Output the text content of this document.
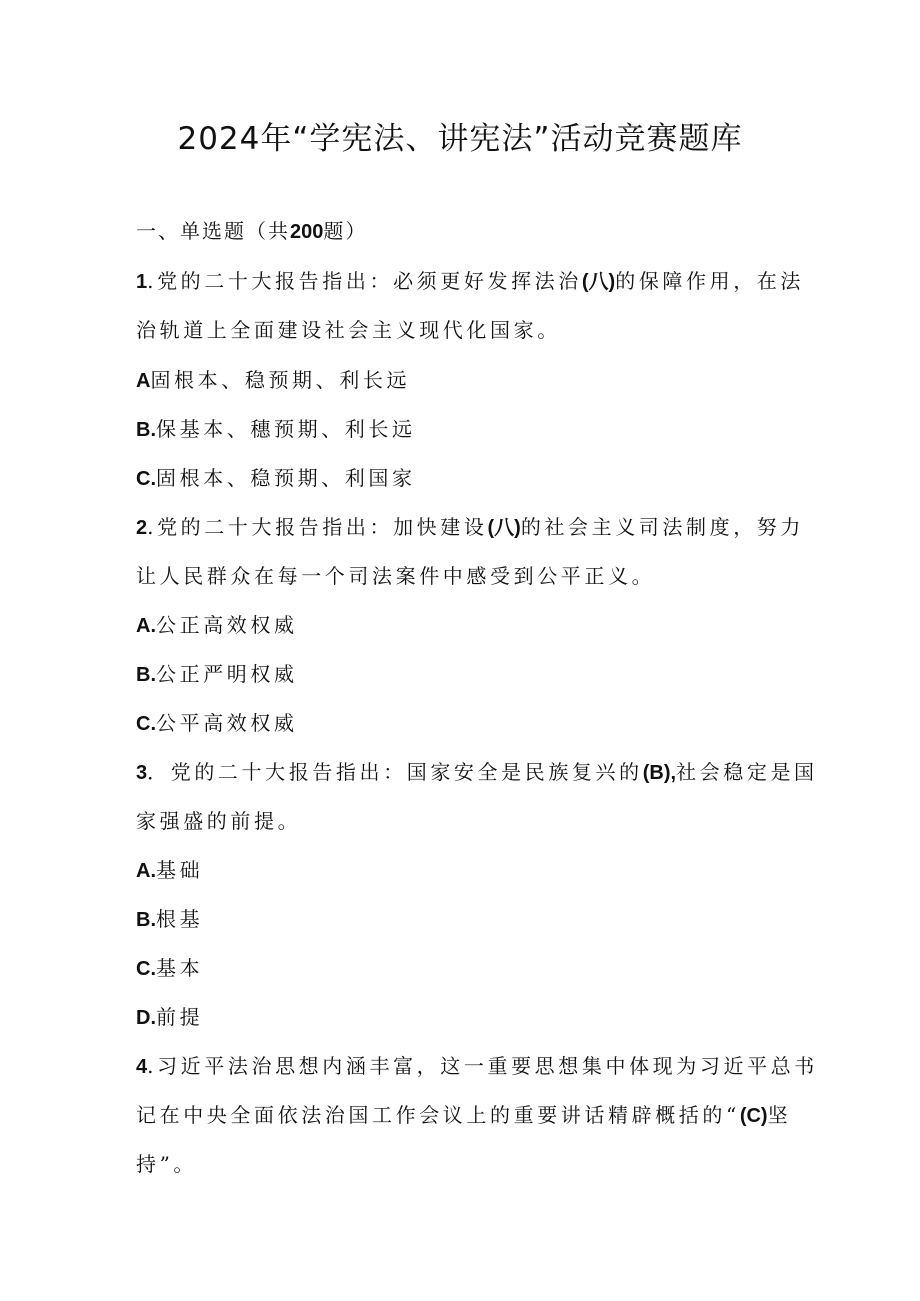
2024年“学宪法、讲宪法”活动竞赛题库
一、单选题（共200题）
1.党的二十大报告指出：必须更好发挥法治(八)的保障作用，在法
治轨道上全面建设社会主义现代化国家。
A固根本、稳预期、利长远
B.保基本、穗预期、利长远
C.固根本、稳预期、利国家
2.党的二十大报告指出：加快建设(八)的社会主义司法制度，努力
让人民群众在每一个司法案件中感受到公平正义。
A.公正高效权威
B.公正严明权威
C.公平高效权威
3．党的二十大报告指出：国家安全是民族复兴的(B),社会稳定是国
家强盛的前提。
A.基础
B.根基
C.基本
D.前提
4.习近平法治思想内涵丰富，这一重要思想集中体现为习近平总书
记在中央全面依法治国工作会议上的重要讲话精辟概括的“(C)坚
持”。
